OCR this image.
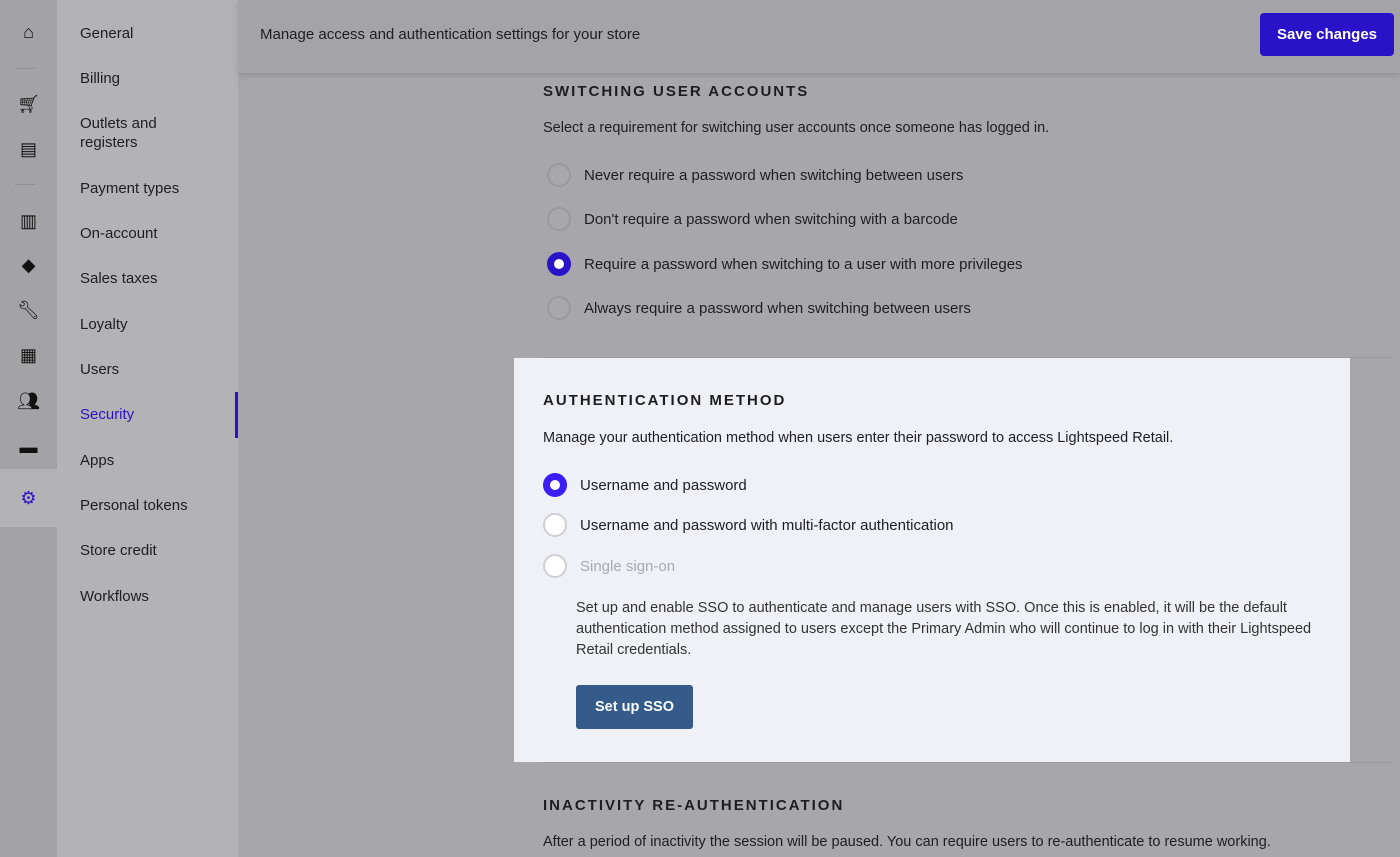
⌂
🛒︎
▤
▥
◆
🔧︎
▦
👥︎
▬
⚙
General
Billing
Outlets and registers
Payment types
On-account
Sales taxes
Loyalty
Users
Security
Apps
Personal tokens
Store credit
Workflows
Manage access and authentication settings for your store	Save changes
SWITCHING USER ACCOUNTS
Select a requirement for switching user accounts once someone has logged in.
Never require a password when switching between users
Don't require a password when switching with a barcode
Require a password when switching to a user with more privileges
Always require a password when switching between users
AUTHENTICATION METHOD
Manage your authentication method when users enter their password to access Lightspeed Retail.
Username and password
Username and password with multi-factor authentication
Single sign-on
Set up and enable SSO to authenticate and manage users with SSO. Once this is enabled, it will be the default authentication method assigned to users except the Primary Admin who will continue to log in with their Lightspeed Retail credentials.
Set up SSO
INACTIVITY RE-AUTHENTICATION
After a period of inactivity the session will be paused. You can require users to re-authenticate to resume working.
